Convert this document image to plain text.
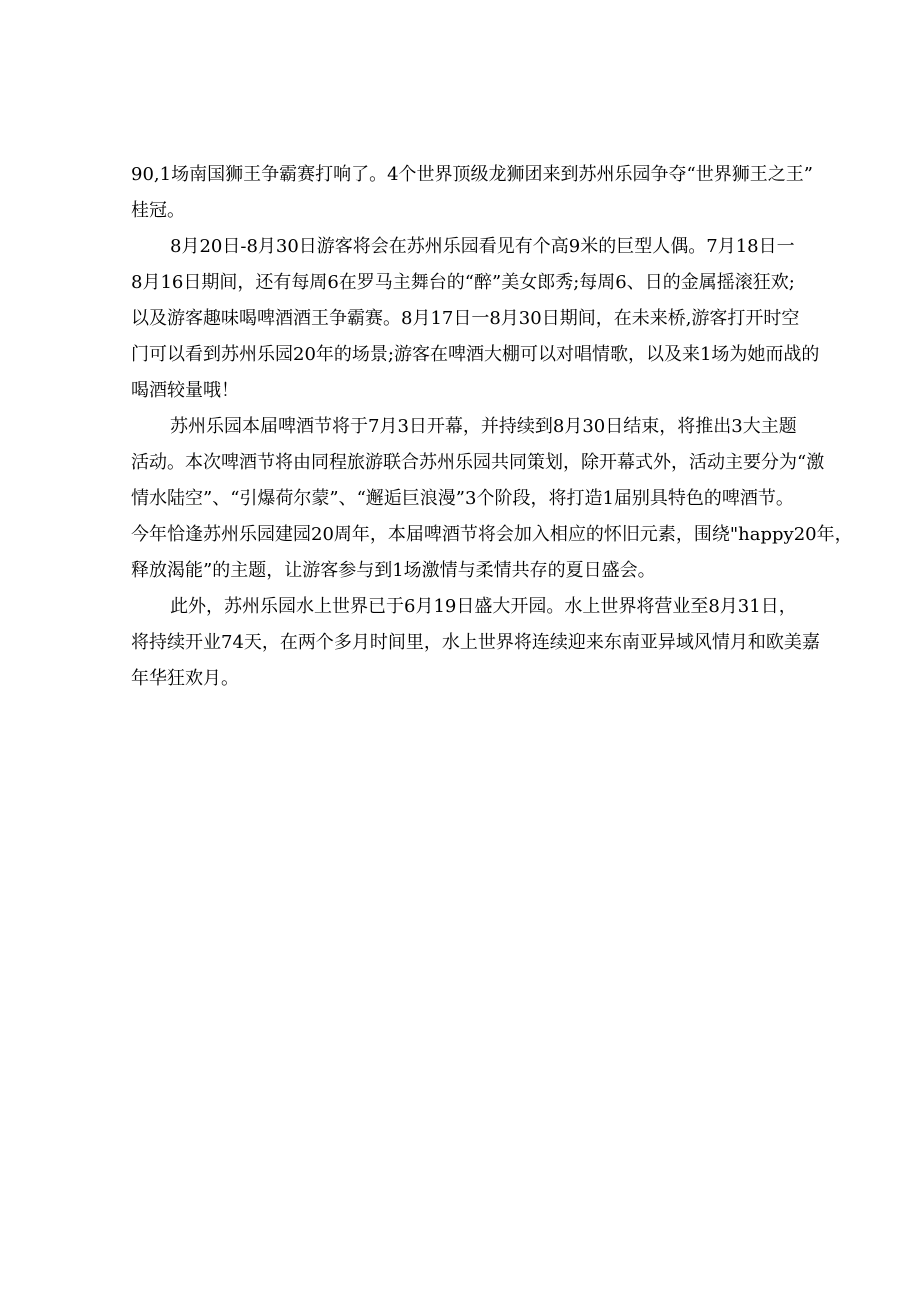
90,1场南国狮王争霸赛打响了。4个世界顶级龙狮团来到苏州乐园争夺“世界狮王之王”
桂冠。
8月20日-8月30日游客将会在苏州乐园看见有个高9米的巨型人偶。7月18日一
8月16日期间，还有每周6在罗马主舞台的“醉”美女郎秀;每周6、日的金属摇滚狂欢;
以及游客趣味喝啤酒酒王争霸赛。8月17日一8月30日期间，在未来桥,游客打开时空
门可以看到苏州乐园20年的场景;游客在啤酒大棚可以对唱情歌，以及来1场为她而战的
喝酒较量哦！
苏州乐园本届啤酒节将于7月3日开幕，并持续到8月30日结束，将推出3大主题
活动。本次啤酒节将由同程旅游联合苏州乐园共同策划，除开幕式外，活动主要分为“激
情水陆空”、“引爆荷尔蒙”、“邂逅巨浪漫”3个阶段，将打造1届别具特色的啤酒节。
今年恰逢苏州乐园建园20周年，本届啤酒节将会加入相应的怀旧元素，围绕"happy20年，
释放渴能”的主题，让游客参与到1场激情与柔情共存的夏日盛会。
此外，苏州乐园水上世界已于6月19日盛大开园。水上世界将营业至8月31日，
将持续开业74天，在两个多月时间里，水上世界将连续迎来东南亚异域风情月和欧美嘉
年华狂欢月。
